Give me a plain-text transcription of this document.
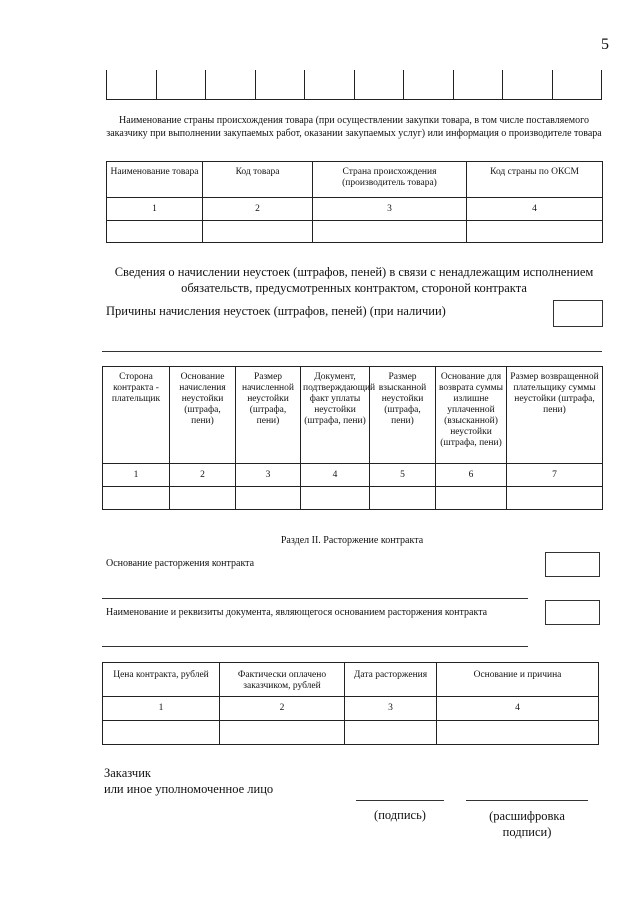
5

Наименование страны происхождения товара (при осуществлении закупки товара, в том числе поставляемого заказчику при выполнении закупаемых работ, оказании закупаемых услуг) или информация о производителе товара
Наименование товара	Код товара	Страна происхождения (производитель товара)	Код страны по ОКСМ
1	2	3	4

Сведения о начислении неустоек (штрафов, пеней) в связи с ненадлежащим исполнением обязательств, предусмотренных контрактом, стороной контракта
Причины начисления неустоек (штрафов, пеней) (при наличии)
Сторона контракта - плательщик	Основание начисления неустойки (штрафа, пени)	Размер начисленной неустойки (штрафа, пени)	Документ, подтверждающий факт уплаты неустойки (штрафа, пени)	Размер взысканной неустойки (штрафа, пени)	Основание для возврата суммы излишне уплаченной (взысканной) неустойки (штрафа, пени)	Размер возвращенной плательщику суммы неустойки (штрафа, пени)
1	2	3	4	5	6	7

Раздел II. Расторжение контракта
Основание расторжения контракта
Наименование и реквизиты документа, являющегося основанием расторжения контракта
Цена контракта, рублей	Фактически оплачено заказчиком, рублей	Дата расторжения	Основание и причина
1	2	3	4

Заказчик
или иное уполномоченное лицо
(подпись)	(расшифровка подписи)
